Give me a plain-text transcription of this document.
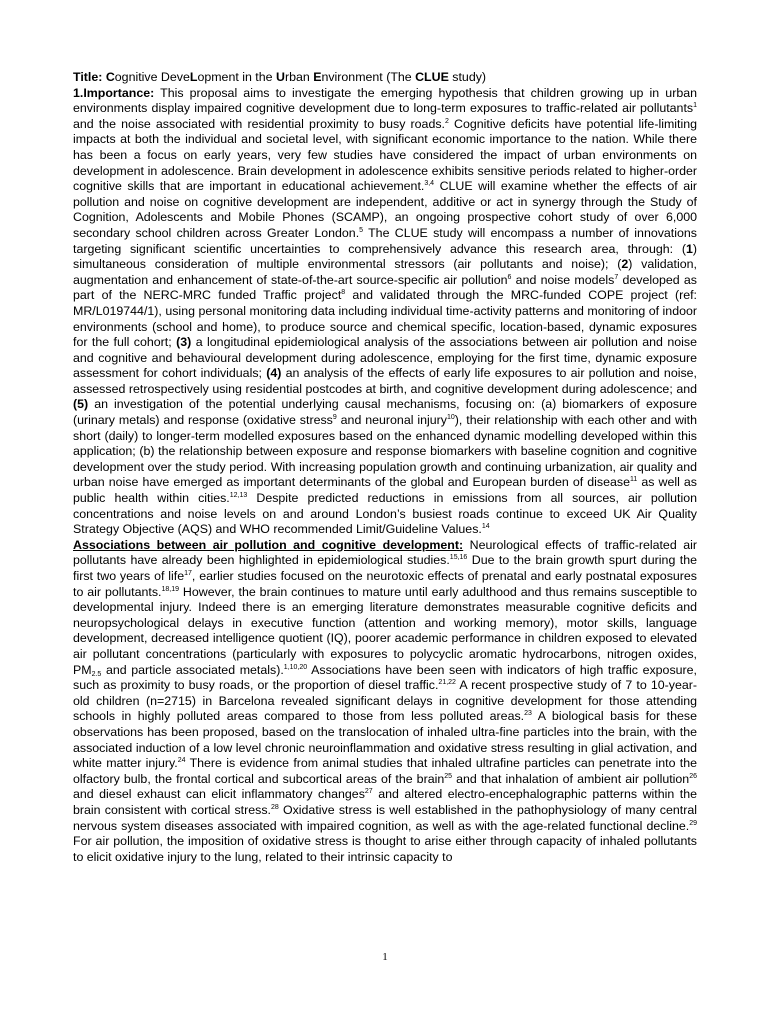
Title: Cognitive DeveLopment in the Urban Environment (The CLUE study)

1.Importance: This proposal aims to investigate the emerging hypothesis that children growing up in urban environments display impaired cognitive development due to long-term exposures to traffic-related air pollutants$^1$ and the noise associated with residential proximity to busy roads.$^2$ Cognitive deficits have potential life-limiting impacts at both the individual and societal level, with significant economic importance to the nation. While there has been a focus on early years, very few studies have considered the impact of urban environments on development in adolescence. Brain development in adolescence exhibits sensitive periods related to higher-order cognitive skills that are important in educational achievement.$^{3,4}$ CLUE will examine whether the effects of air pollution and noise on cognitive development are independent, additive or act in synergy through the Study of Cognition, Adolescents and Mobile Phones (SCAMP), an ongoing prospective cohort study of over 6,000 secondary school children across Greater London.$^5$ The CLUE study will encompass a number of innovations targeting significant scientific uncertainties to comprehensively advance this research area, through: (1) simultaneous consideration of multiple environmental stressors (air pollutants and noise); (2) validation, augmentation and enhancement of state-of-the-art source-specific air pollution$^6$ and noise models$^7$ developed as part of the NERC-MRC funded Traffic project$^8$ and validated through the MRC-funded COPE project (ref: MR/L019744/1), using personal monitoring data including individual time-activity patterns and monitoring of indoor environments (school and home), to produce source and chemical specific, location-based, dynamic exposures for the full cohort; (3) a longitudinal epidemiological analysis of the associations between air pollution and noise and cognitive and behavioural development during adolescence, employing for the first time, dynamic exposure assessment for cohort individuals; (4) an analysis of the effects of early life exposures to air pollution and noise, assessed retrospectively using residential postcodes at birth, and cognitive development during adolescence; and (5) an investigation of the potential underlying causal mechanisms, focusing on: (a) biomarkers of exposure (urinary metals) and response (oxidative stress$^9$ and neuronal injury$^{10}$), their relationship with each other and with short (daily) to longer-term modelled exposures based on the enhanced dynamic modelling developed within this application; (b) the relationship between exposure and response biomarkers with baseline cognition and cognitive development over the study period. With increasing population growth and continuing urbanization, air quality and urban noise have emerged as important determinants of the global and European burden of disease$^{11}$ as well as public health within cities.$^{12,13}$ Despite predicted reductions in emissions from all sources, air pollution concentrations and noise levels on and around London’s busiest roads continue to exceed UK Air Quality Strategy Objective (AQS) and WHO recommended Limit/Guideline Values.$^{14}$

Associations between air pollution and cognitive development: Neurological effects of traffic-related air pollutants have already been highlighted in epidemiological studies.$^{15,16}$ Due to the brain growth spurt during the first two years of life$^{17}$, earlier studies focused on the neurotoxic effects of prenatal and early postnatal exposures to air pollutants.$^{18,19}$ However, the brain continues to mature until early adulthood and thus remains susceptible to developmental injury. Indeed there is an emerging literature demonstrates measurable cognitive deficits and neuropsychological delays in executive function (attention and working memory), motor skills, language development, decreased intelligence quotient (IQ), poorer academic performance in children exposed to elevated air pollutant concentrations (particularly with exposures to polycyclic aromatic hydrocarbons, nitrogen oxides, $PM_{2.5}$ and particle associated metals).$^{1,10,20}$ Associations have been seen with indicators of high traffic exposure, such as proximity to busy roads, or the proportion of diesel traffic.$^{21,22}$ A recent prospective study of 7 to 10-year-old children (n=2715) in Barcelona revealed significant delays in cognitive development for those attending schools in highly polluted areas compared to those from less polluted areas.$^{23}$ A biological basis for these observations has been proposed, based on the translocation of inhaled ultra-fine particles into the brain, with the associated induction of a low level chronic neuroinflammation and oxidative stress resulting in glial activation, and white matter injury.$^{24}$ There is evidence from animal studies that inhaled ultrafine particles can penetrate into the olfactory bulb, the frontal cortical and subcortical areas of the brain$^{25}$ and that inhalation of ambient air pollution$^{26}$ and diesel exhaust can elicit inflammatory changes$^{27}$ and altered electro-encephalographic patterns within the brain consistent with cortical stress.$^{28}$ Oxidative stress is well established in the pathophysiology of many central nervous system diseases associated with impaired cognition, as well as with the age-related functional decline.$^{29}$ For air pollution, the imposition of oxidative stress is thought to arise either through capacity of inhaled pollutants to elicit oxidative injury to the lung, related to their intrinsic capacity to

1
